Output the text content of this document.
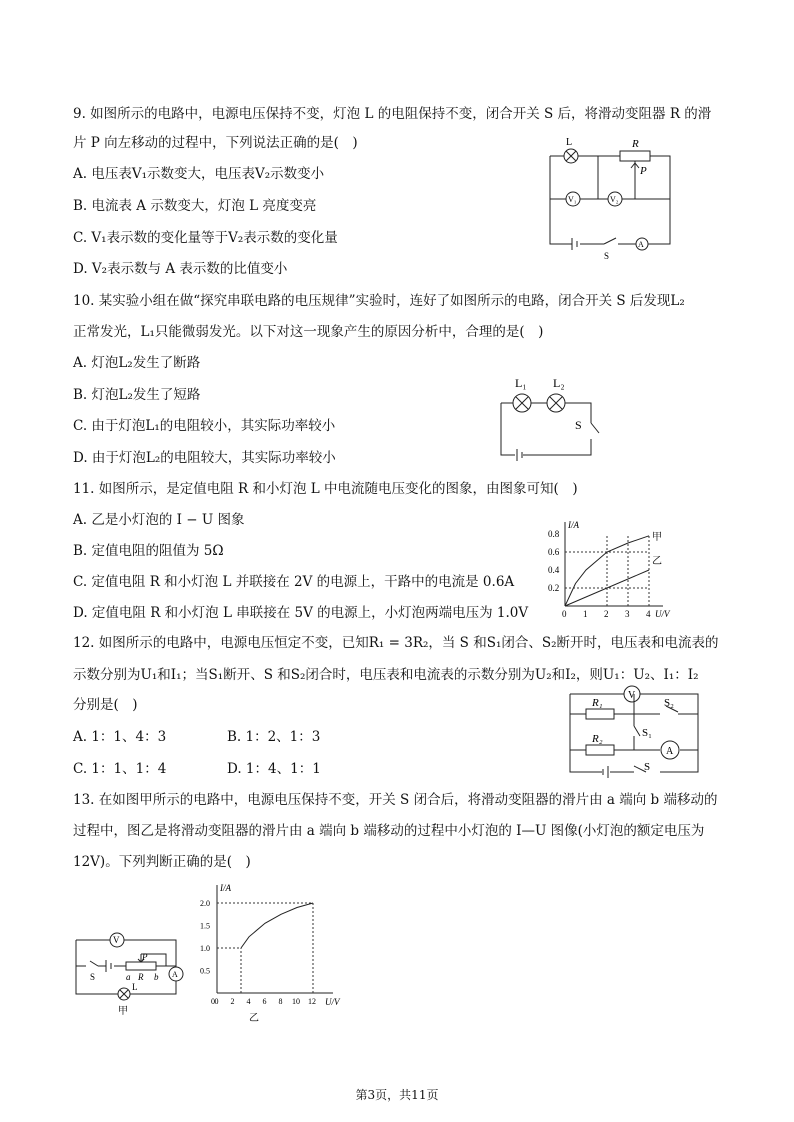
9. 如图所示的电路中，电源电压保持不变，灯泡 L 的电阻保持不变，闭合开关 S 后，将滑动变阻器 R 的滑
片 P 向左移动的过程中，下列说法正确的是(　)
A. 电压表V₁示数变大，电压表V₂示数变小
B. 电流表 A 示数变大，灯泡 L 亮度变亮
C. V₁表示数的变化量等于V₂表示数的变化量
D. V₂表示数与 A 表示数的比值变小
L	R
P
V₁	V₂
A
S
10. 某实验小组在做“探究串联电路的电压规律”实验时，连好了如图所示的电路，闭合开关 S 后发现L₂
正常发光，L₁只能微弱发光。以下对这一现象产生的原因分析中，合理的是(　)
A. 灯泡L₂发生了断路
B. 灯泡L₂发生了短路
C. 由于灯泡L₁的电阻较小，其实际功率较小
D. 由于灯泡L₂的电阻较大，其实际功率较小
L₁ L₂
S
11. 如图所示，是定值电阻 R 和小灯泡 L 中电流随电压变化的图象，由图象可知(　)
A. 乙是小灯泡的 I − U 图象
B. 定值电阻的阻值为 5Ω
C. 定值电阻 R 和小灯泡 L 并联接在 2V 的电源上，干路中的电流是 0.6A
D. 定值电阻 R 和小灯泡 L 串联接在 5V 的电源上，小灯泡两端电压为 1.0V	0 1 2 3 4
0.2
0.4
0.6
0.8
U/V
I/A
甲
乙
12. 如图所示的电路中，电源电压恒定不变，已知R₁ = 3R₂，当 S 和S₁闭合、S₂断开时，电压表和电流表的
示数分别为U₁和I₁；当S₁断开、S 和S₂闭合时，电压表和电流表的示数分别为U₂和I₂，则U₁：U₂、I₁：I₂
分别是(　)
A. 1：1、4：3	B. 1：2、1：3
C. 1：1、1：4	D. 1：4、1：1
V
R₁
R₂
S₂
S₁
A
S
13. 在如图甲所示的电路中，电源电压保持不变，开关 S 闭合后，将滑动变阻器的滑片由 a 端向 b 端移动的
过程中，图乙是将滑动变阻器的滑片由 a 端向 b 端移动的过程中小灯泡的 I—U 图像(小灯泡的额定电压为
12V)。下列判断正确的是(　)
V
P
a R b A
S
L
甲
0 2 4 6 8 10 12
0
0.5
1.0
1.5
2.0
U/V
I/A
乙
第3页，共11页
